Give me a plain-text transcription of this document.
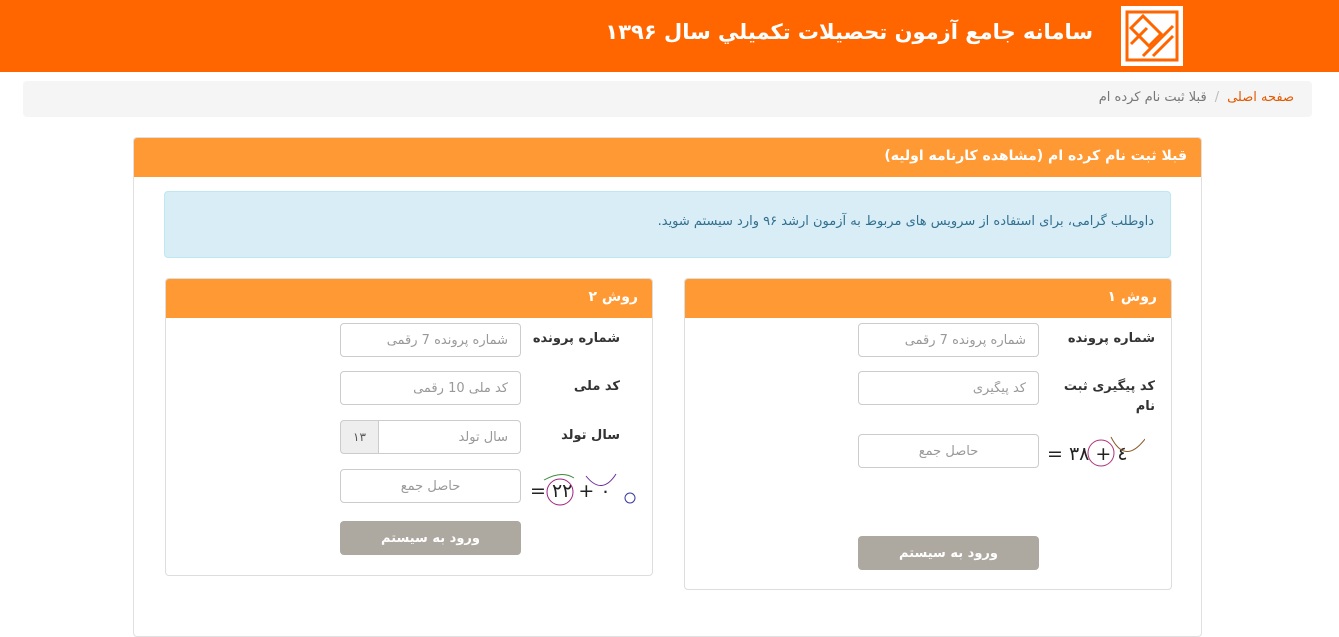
سامانه جامع آزمون تحصيلات تكميلي سال ۱۳۹۶
صفحه اصلی/قبلا ثبت نام کرده ام
قبلا ثبت نام کرده ام (مشاهده کارنامه اولیه)
داوطلب گرامی، برای استفاده از سرویس های مربوط به آزمون ارشد ۹۶ وارد سیستم شوید.
روش ۱
شماره پرونده
شماره پرونده 7 رقمی
کد پیگیری ثبت نام
کد پیگیری
حاصل جمع
= ۳۸ + ٤
ورود به سیستم
روش ۲
شماره پرونده
شماره پرونده 7 رقمی
کد ملی
کد ملی 10 رقمی
سال تولد
سال تولد
۱۳
حاصل جمع
= ۲۲ + ۰
ورود به سیستم
